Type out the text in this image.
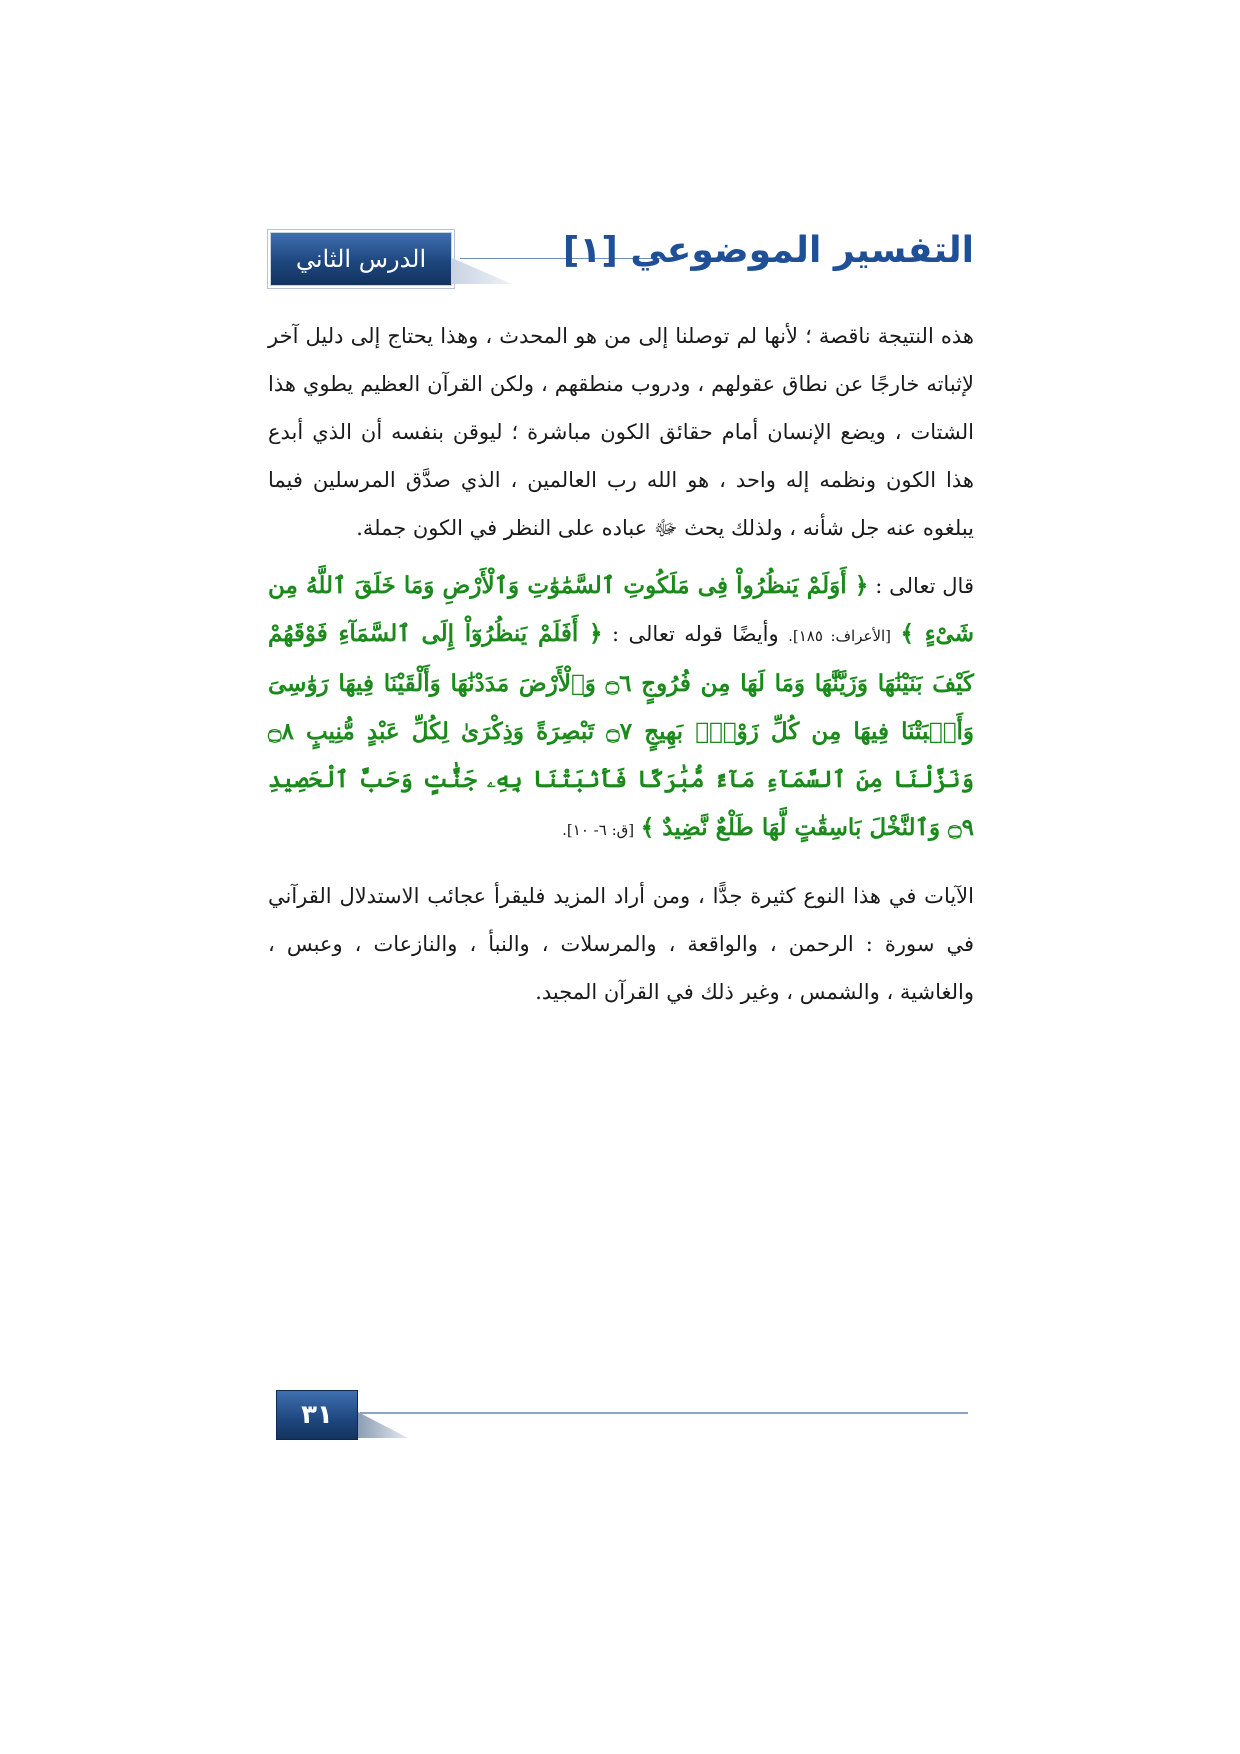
الدرس الثاني	التفسير الموضوعي [١]

هذه النتيجة ناقصة ؛ لأنها لم توصلنا إلى من هو المحدث ، وهذا يحتاج إلى دليل آخر لإثباته خارجًا عن نطاق عقولهم ، ودروب منطقهم ، ولكن القرآن العظيم يطوي هذا الشتات ، ويضع الإنسان أمام حقائق الكون مباشرة ؛ ليوقن بنفسه أن الذي أبدع هذا الكون ونظمه إله واحد ، هو الله رب العالمين ، الذي صدَّق المرسلين فيما يبلغوه عنه جل شأنه ، ولذلك يحث ﷻ عباده على النظر في الكون جملة.

قال تعالى : ﴿ أَوَلَمْ يَنظُرُواْ فِى مَلَكُوتِ ٱلسَّمَٰوَٰتِ وَٱلْأَرْضِ وَمَا خَلَقَ ٱللَّهُ مِن شَىْءٍ ﴾ [الأعراف: ١٨٥]. وأيضًا قوله تعالى : ﴿ أَفَلَمْ يَنظُرُوٓاْ إِلَى ٱلسَّمَآءِ فَوْقَهُمْ كَيْفَ بَنَيْنَٰهَا وَزَيَّنَّٰهَا وَمَا لَهَا مِن فُرُوجٍ ۝٦ وَٱلْأَرْضَ مَدَدْنَٰهَا وَأَلْقَيْنَا فِيهَا رَوَٰسِىَ وَأَنۢبَتْنَا فِيهَا مِن كُلِّ زَوْجٍۭ بَهِيجٍ ۝٧ تَبْصِرَةً وَذِكْرَىٰ لِكُلِّ عَبْدٍ مُّنِيبٍ ۝٨ وَنَزَّلْنَا مِنَ ٱلسَّمَآءِ مَآءً مُّبَٰرَكًا فَأَنۢبَتْنَا بِهِۦ جَنَّٰتٍ وَحَبَّ ٱلْحَصِيدِ ۝٩ وَٱلنَّخْلَ بَاسِقَٰتٍ لَّهَا طَلْعٌ نَّضِيدٌ ﴾ [ق: ٦- ١٠].

الآيات في هذا النوع كثيرة جدًّا ، ومن أراد المزيد فليقرأ عجائب الاستدلال القرآني في سورة : الرحمن ، والواقعة ، والمرسلات ، والنبأ ، والنازعات ، وعبس ، والغاشية ، والشمس ، وغير ذلك في القرآن المجيد.

٣١
